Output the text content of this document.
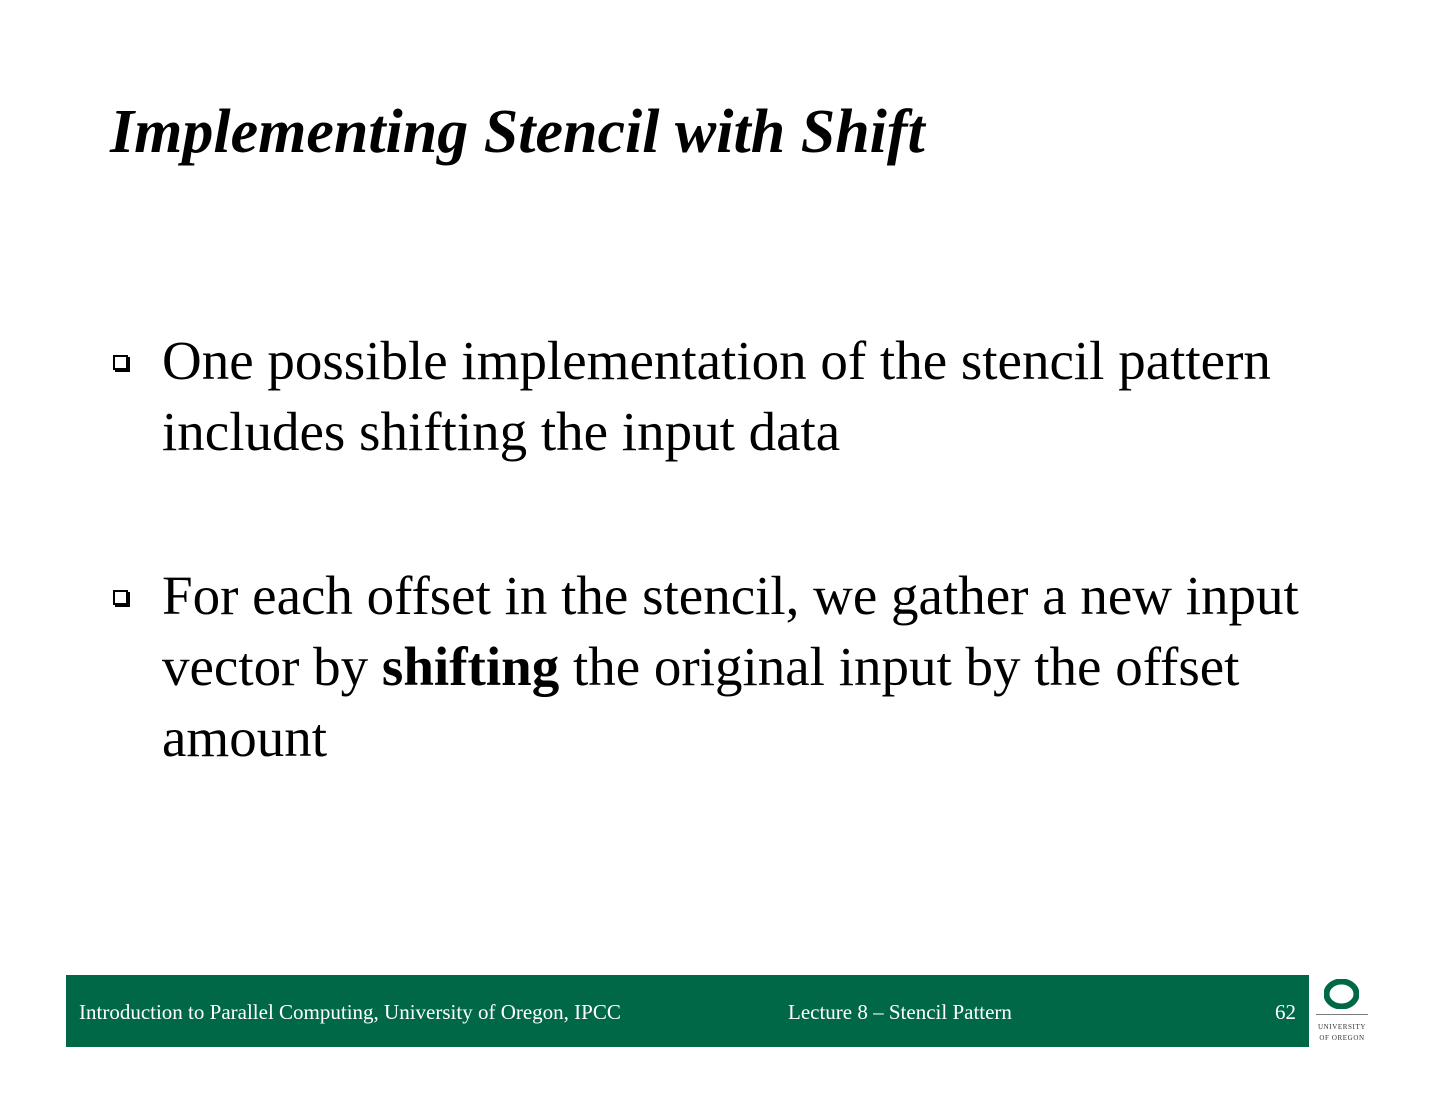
Implementing Stencil with Shift
One possible implementation of the stencil pattern includes shifting the input data
For each offset in the stencil, we gather a new input vector by shifting the original input by the offset amount
Introduction to Parallel Computing, University of Oregon, IPCC	Lecture 8 – Stencil Pattern	62
UNIVERSITY
OF OREGON
